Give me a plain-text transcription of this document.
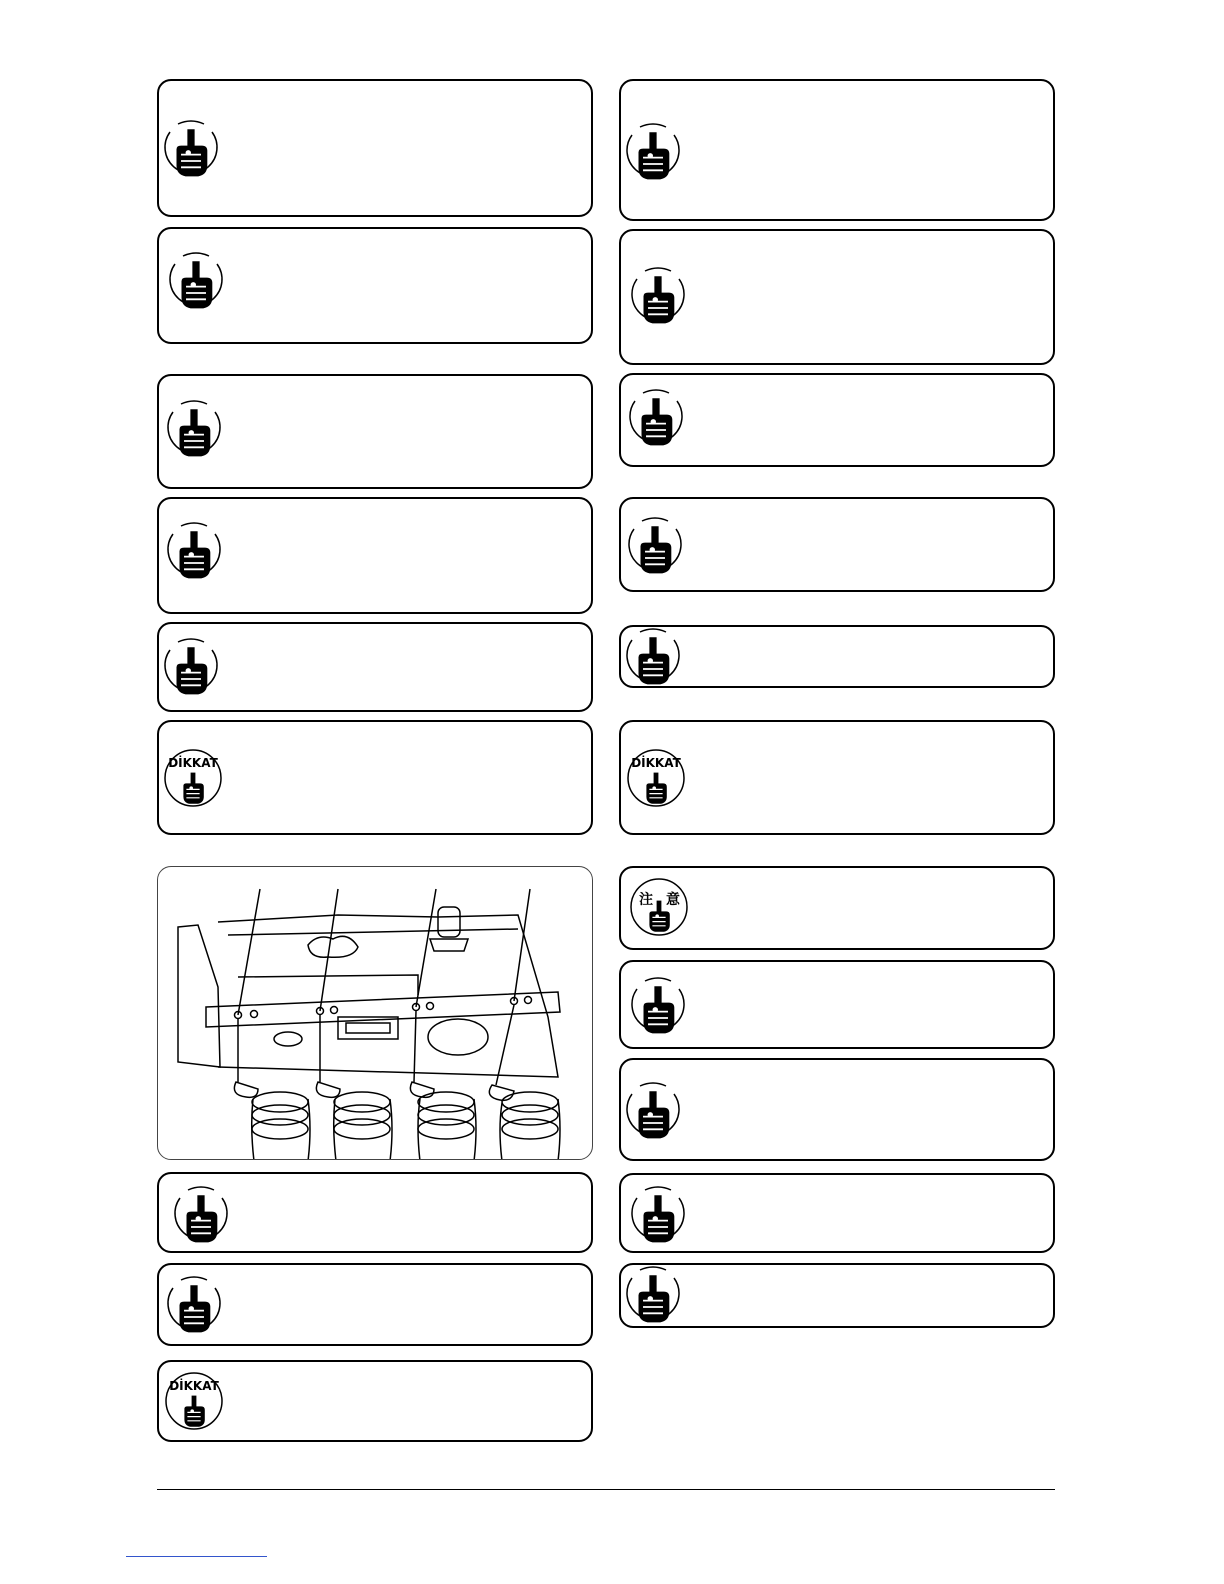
DİKKAT
DİKKAT
DİKKAT
注 意
